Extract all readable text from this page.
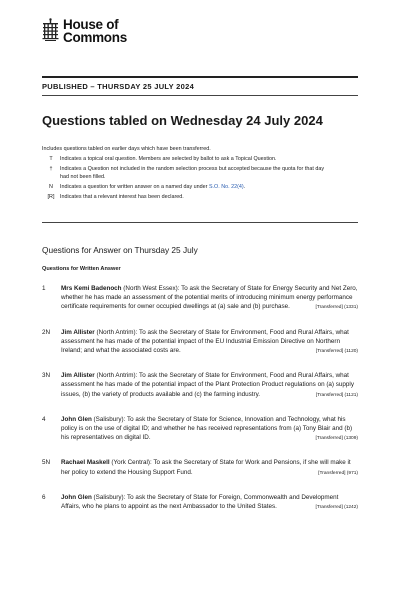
House of
Commons
PUBLISHED – THURSDAY 25 JULY 2024
Questions tabled on Wednesday 24 July 2024
Includes questions tabled on earlier days which have been transferred.
T	Indicates a topical oral question. Members are selected by ballot to ask a Topical Question.
†	Indicates a Question not included in the random selection process but accepted because the quota for that day had not been filled.
N	Indicates a question for written answer on a named day under S.O. No. 22(4).
[R]	Indicates that a relevant interest has been declared.
Questions for Answer on Thursday 25 July
Questions for Written Answer
1	Mrs Kemi Badenoch (North West Essex): To ask the Secretary of State for Energy Security and Net Zero, whether he has made an assessment of the potential merits of introducing minimum energy performance certificate requirements for owner occupied dwellings at (a) sale and (b) purchase.	[Transferred] (1331)
2N	Jim Allister (North Antrim): To ask the Secretary of State for Environment, Food and Rural Affairs, what assessment he has made of the potential impact of the EU Industrial Emission Directive on Northern Ireland; and what the associated costs are.	[Transferred] (1120)
3N	Jim Allister (North Antrim): To ask the Secretary of State for Environment, Food and Rural Affairs, what assessment he has made of the potential impact of the Plant Protection Product regulations on (a) supply issues, (b) the variety of products available and (c) the farming industry.	[Transferred] (1121)
4	John Glen (Salisbury): To ask the Secretary of State for Science, Innovation and Technology, what his policy is on the use of digital ID; and whether he has received representations from (a) Tony Blair and (b) his representatives on digital ID.	[Transferred] (1309)
5N	Rachael Maskell (York Central): To ask the Secretary of State for Work and Pensions, if she will make it her policy to extend the Housing Support Fund.	[Transferred] (971)
6	John Glen (Salisbury): To ask the Secretary of State for Foreign, Commonwealth and Development Affairs, who he plans to appoint as the next Ambassador to the United States.	[Transferred] (1242)
